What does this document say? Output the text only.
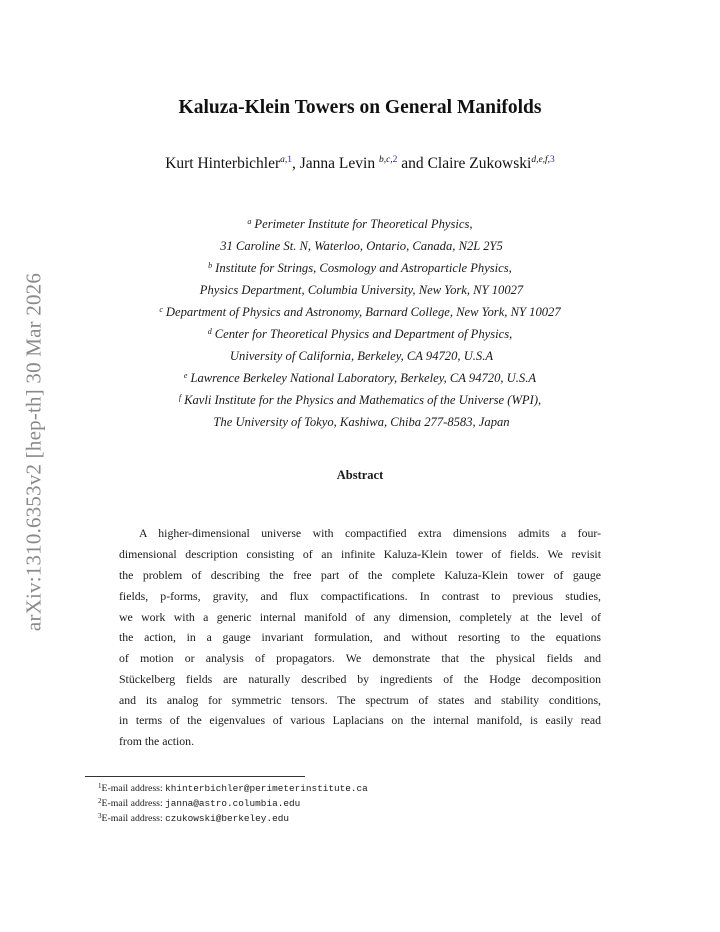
arXiv:1310.6353v2 [hep-th] 30 Mar 2026
Kaluza-Klein Towers on General Manifolds
Kurt Hinterbichler$^{a,1}$, Janna Levin $^{b,c,2}$ and Claire Zukowski$^{d,e,f,3}$
$^a$ Perimeter Institute for Theoretical Physics,
31 Caroline St. N, Waterloo, Ontario, Canada, N2L 2Y5
$^b$ Institute for Strings, Cosmology and Astroparticle Physics,
Physics Department, Columbia University, New York, NY 10027
$^c$ Department of Physics and Astronomy, Barnard College, New York, NY 10027
$^d$ Center for Theoretical Physics and Department of Physics,
University of California, Berkeley, CA 94720, U.S.A
$^e$ Lawrence Berkeley National Laboratory, Berkeley, CA 94720, U.S.A
$^f$ Kavli Institute for the Physics and Mathematics of the Universe (WPI),
The University of Tokyo, Kashiwa, Chiba 277-8583, Japan
Abstract
A higher-dimensional universe with compactified extra dimensions admits a four-
dimensional description consisting of an infinite Kaluza-Klein tower of fields. We revisit
the problem of describing the free part of the complete Kaluza-Klein tower of gauge
fields, p-forms, gravity, and flux compactifications. In contrast to previous studies,
we work with a generic internal manifold of any dimension, completely at the level of
the action, in a gauge invariant formulation, and without resorting to the equations
of motion or analysis of propagators. We demonstrate that the physical fields and
Stückelberg fields are naturally described by ingredients of the Hodge decomposition
and its analog for symmetric tensors. The spectrum of states and stability conditions,
in terms of the eigenvalues of various Laplacians on the internal manifold, is easily read
from the action.
$^1$E-mail address: khinterbichler@perimeterinstitute.ca
$^2$E-mail address: janna@astro.columbia.edu
$^3$E-mail address: czukowski@berkeley.edu
